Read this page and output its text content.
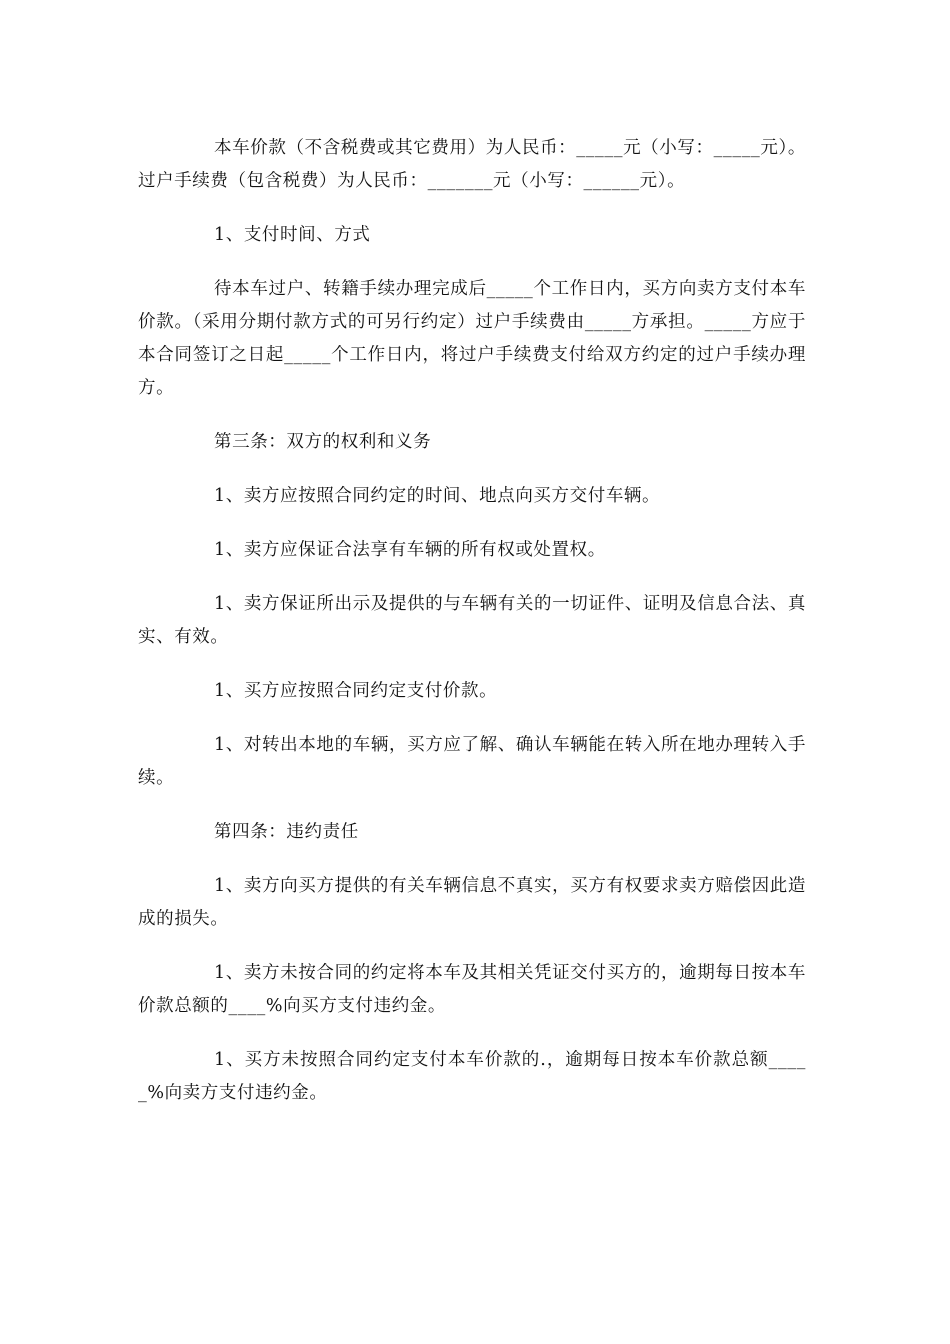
本车价款（不含税费或其它费用）为人民币：_____元（小写：_____元）。过户手续费（包含税费）为人民币：_______元（小写：______元）。

1、支付时间、方式

待本车过户、转籍手续办理完成后_____个工作日内，买方向卖方支付本车价款。（采用分期付款方式的可另行约定）过户手续费由_____方承担。_____方应于本合同签订之日起_____个工作日内，将过户手续费支付给双方约定的过户手续办理方。

第三条：双方的权利和义务

1、卖方应按照合同约定的时间、地点向买方交付车辆。

1、卖方应保证合法享有车辆的所有权或处置权。

1、卖方保证所出示及提供的与车辆有关的一切证件、证明及信息合法、真实、有效。

1、买方应按照合同约定支付价款。

1、对转出本地的车辆，买方应了解、确认车辆能在转入所在地办理转入手续。

第四条：违约责任

1、卖方向买方提供的有关车辆信息不真实，买方有权要求卖方赔偿因此造成的损失。

1、卖方未按合同的约定将本车及其相关凭证交付买方的，逾期每日按本车价款总额的____%向买方支付违约金。

1、买方未按照合同约定支付本车价款的.，逾期每日按本车价款总额_____%向卖方支付违约金。
